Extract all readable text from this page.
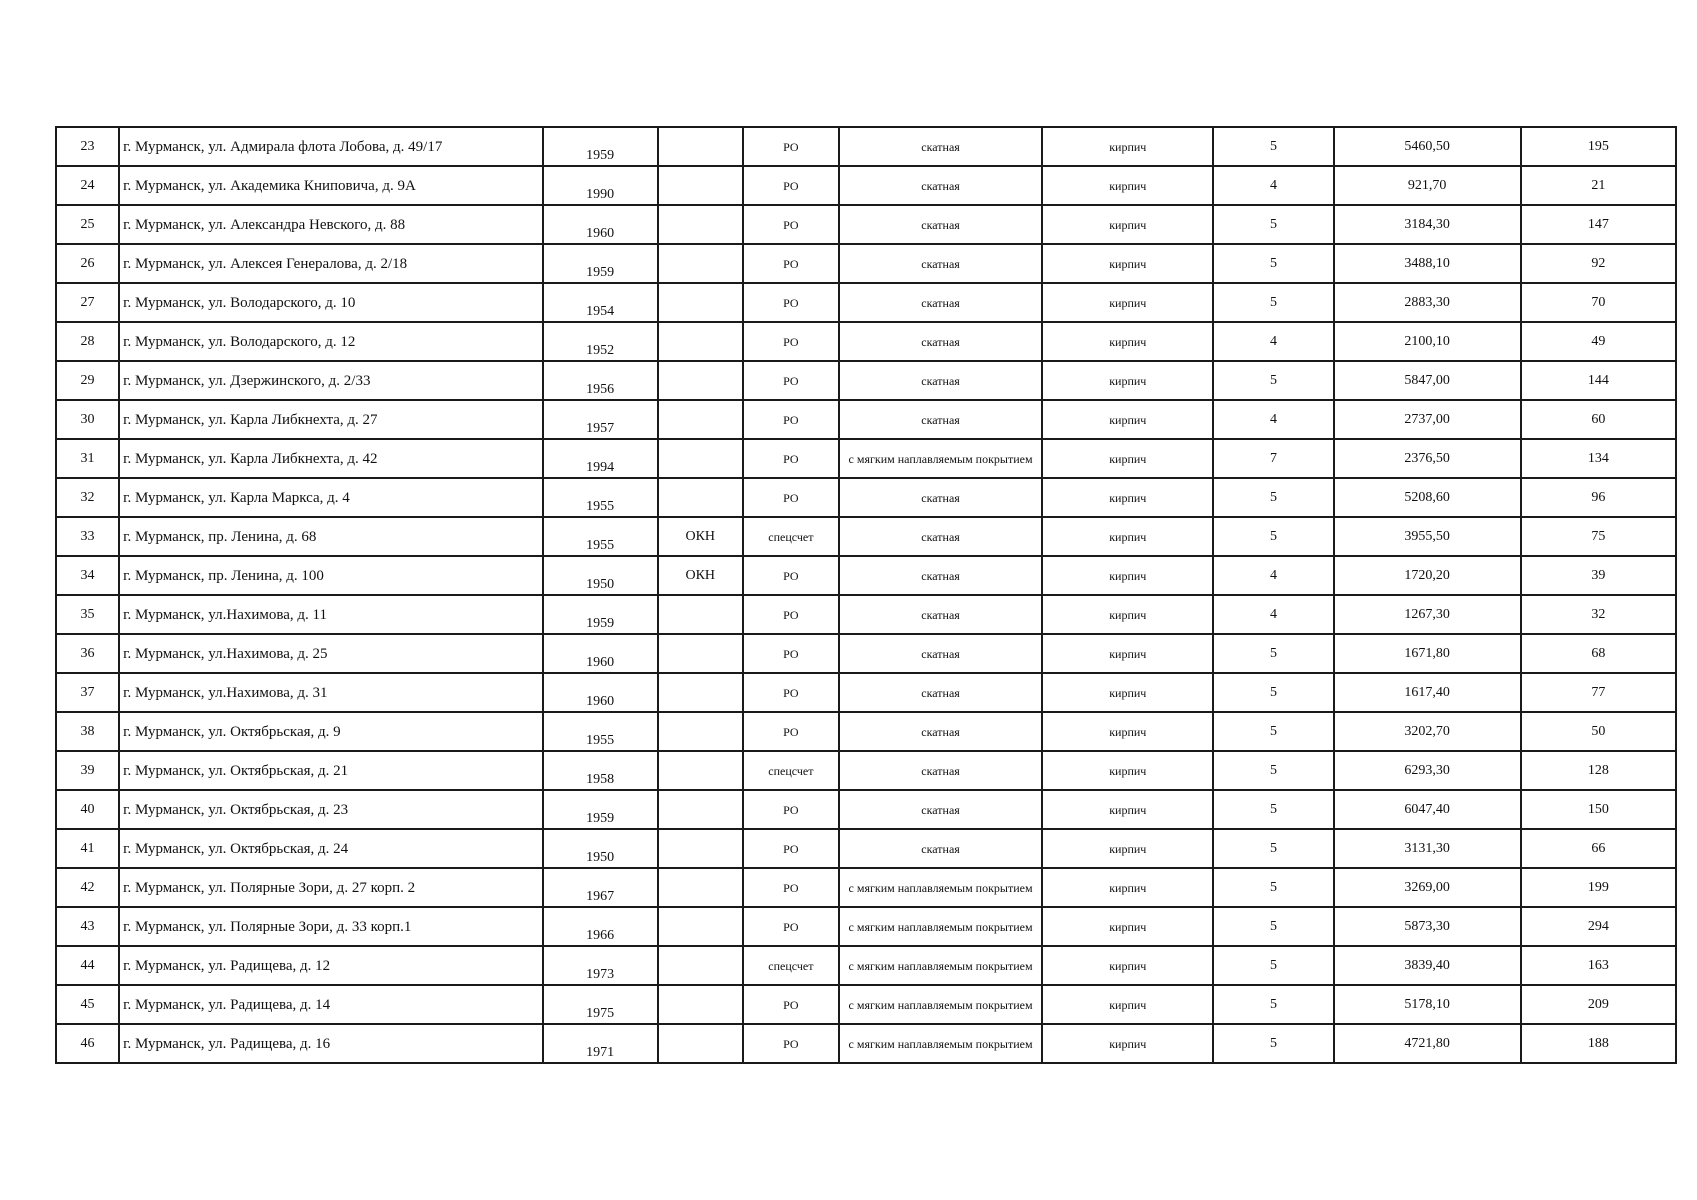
23	г. Мурманск, ул. Адмирала флота Лобова, д. 49/17	1959		РО	скатная	кирпич	5	5460,50	195
24	г. Мурманск, ул. Академика Книповича, д. 9А	1990		РО	скатная	кирпич	4	921,70	21
25	г. Мурманск, ул. Александра Невского, д. 88	1960		РО	скатная	кирпич	5	3184,30	147
26	г. Мурманск, ул. Алексея Генералова, д. 2/18	1959		РО	скатная	кирпич	5	3488,10	92
27	г. Мурманск, ул. Володарского, д. 10	1954		РО	скатная	кирпич	5	2883,30	70
28	г. Мурманск, ул. Володарского, д. 12	1952		РО	скатная	кирпич	4	2100,10	49
29	г. Мурманск, ул. Дзержинского, д. 2/33	1956		РО	скатная	кирпич	5	5847,00	144
30	г. Мурманск, ул. Карла Либкнехта, д. 27	1957		РО	скатная	кирпич	4	2737,00	60
31	г. Мурманск, ул. Карла Либкнехта, д. 42	1994		РО	с мягким наплавляемым покрытием	кирпич	7	2376,50	134
32	г. Мурманск, ул. Карла Маркса, д. 4	1955		РО	скатная	кирпич	5	5208,60	96
33	г. Мурманск, пр. Ленина, д. 68	1955	ОКН	спецсчет	скатная	кирпич	5	3955,50	75
34	г. Мурманск, пр. Ленина, д. 100	1950	ОКН	РО	скатная	кирпич	4	1720,20	39
35	г. Мурманск, ул.Нахимова, д. 11	1959		РО	скатная	кирпич	4	1267,30	32
36	г. Мурманск, ул.Нахимова, д. 25	1960		РО	скатная	кирпич	5	1671,80	68
37	г. Мурманск, ул.Нахимова, д. 31	1960		РО	скатная	кирпич	5	1617,40	77
38	г. Мурманск, ул. Октябрьская, д. 9	1955		РО	скатная	кирпич	5	3202,70	50
39	г. Мурманск, ул. Октябрьская, д. 21	1958		спецсчет	скатная	кирпич	5	6293,30	128
40	г. Мурманск, ул. Октябрьская, д. 23	1959		РО	скатная	кирпич	5	6047,40	150
41	г. Мурманск, ул. Октябрьская, д. 24	1950		РО	скатная	кирпич	5	3131,30	66
42	г. Мурманск, ул. Полярные Зори, д. 27 корп. 2	1967		РО	с мягким наплавляемым покрытием	кирпич	5	3269,00	199
43	г. Мурманск, ул. Полярные Зори, д. 33 корп.1	1966		РО	с мягким наплавляемым покрытием	кирпич	5	5873,30	294
44	г. Мурманск, ул. Радищева, д. 12	1973		спецсчет	с мягким наплавляемым покрытием	кирпич	5	3839,40	163
45	г. Мурманск, ул. Радищева, д. 14	1975		РО	с мягким наплавляемым покрытием	кирпич	5	5178,10	209
46	г. Мурманск, ул. Радищева, д. 16	1971		РО	с мягким наплавляемым покрытием	кирпич	5	4721,80	188
